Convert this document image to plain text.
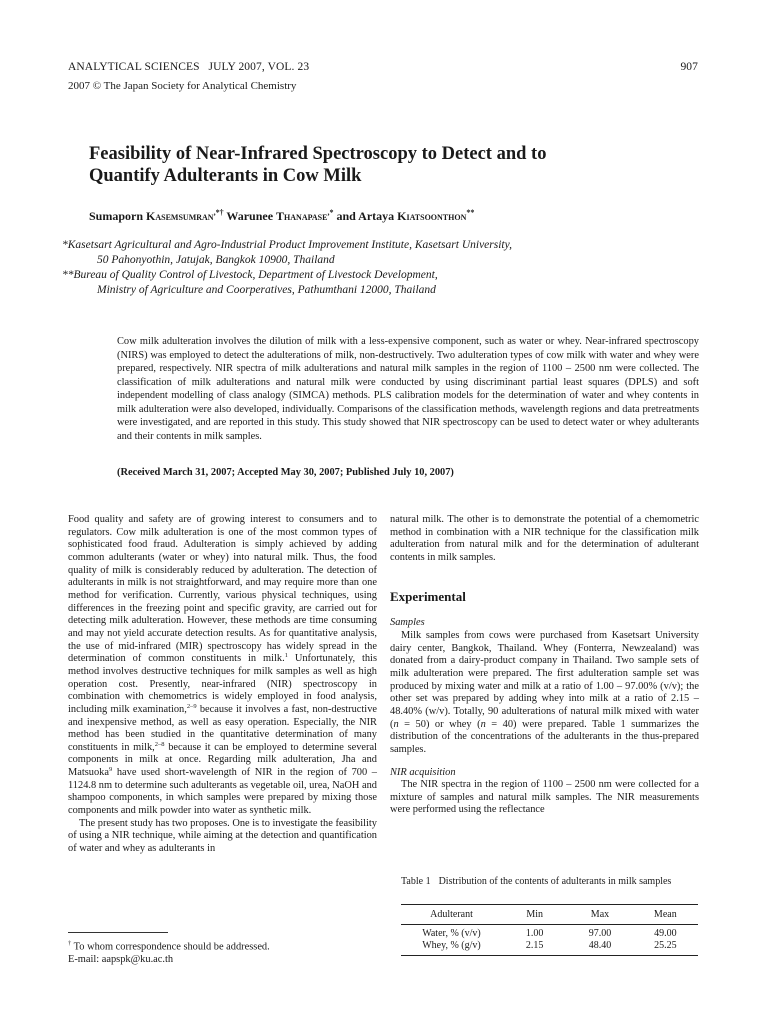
ANALYTICAL SCIENCES   JULY 2007, VOL. 23	907
2007 © The Japan Society for Analytical Chemistry
Feasibility of Near-Infrared Spectroscopy to Detect and to
Quantify Adulterants in Cow Milk
Sumaporn Kasemsumran,*† Warunee Thanapase,* and Artaya Kiatsoonthon**
*Kasetsart Agricultural and Agro-Industrial Product Improvement Institute, Kasetsart University,
50 Pahonyothin, Jatujak, Bangkok 10900, Thailand
**Bureau of Quality Control of Livestock, Department of Livestock Development,
Ministry of Agriculture and Coorperatives, Pathumthani 12000, Thailand
Cow milk adulteration involves the dilution of milk with a less-expensive component, such as water or whey. Near-infrared spectroscopy (NIRS) was employed to detect the adulterations of milk, non-destructively. Two adulteration types of cow milk with water and whey were prepared, respectively. NIR spectra of milk adulterations and natural milk samples in the region of 1100 – 2500 nm were collected. The classification of milk adulterations and natural milk were conducted by using discriminant partial least squares (DPLS) and soft independent modelling of class analogy (SIMCA) methods. PLS calibration models for the determination of water and whey contents in milk adulteration were also developed, individually. Comparisons of the classification methods, wavelength regions and data pretreatments were investigated, and are reported in this study. This study showed that NIR spectroscopy can be used to detect water or whey adulterants and their contents in milk samples.
(Received March 31, 2007; Accepted May 30, 2007; Published July 10, 2007)

Food quality and safety are of growing interest to consumers and to regulators. Cow milk adulteration is one of the most common types of sophisticated food fraud. Adulteration is simply achieved by adding common adulterants (water or whey) into natural milk. Thus, the food quality of milk is considerably reduced by adulteration. The detection of adulterants in milk is not straightforward, and may require more than one method for verification. Currently, various physical techniques, using differences in the freezing point and specific gravity, are carried out for detecting milk adulteration. However, these methods are time consuming and may not yield accurate detection results. As for quantitative analysis, the use of mid-infrared (MIR) spectroscopy has widely spread in the determination of common constituents in milk.$^1$ Unfortunately, this method involves destructive techniques for milk samples as well as high operation cost. Presently, near-infrared (NIR) spectroscopy in combination with chemometrics is widely employed in food analysis, including milk examination,$^{2-9}$ because it involves a fast, non-destructive and inexpensive method, as well as easy operation. Especially, the NIR method has been studied in the quantitative determination of many constituents in milk,$^{2-8}$ because it can be employed to determine several components in milk at once. Regarding milk adulteration, Jha and Matsuoka$^9$ have used short-wavelength of NIR in the region of 700 – 1124.8 nm to determine such adulterants as vegetable oil, urea, NaOH and shampoo components, in which samples were prepared by mixing those components and milk powder into water as synthetic milk.

The present study has two proposes. One is to investigate the feasibility of using a NIR technique, while aiming at the detection and quantification of water and whey as adulterants in

natural milk. The other is to demonstrate the potential of a chemometric method in combination with a NIR technique for the classification milk adulteration from natural milk and for the determination of adulterant contents in milk samples.

Experimental

Samples

Milk samples from cows were purchased from Kasetsart University dairy center, Bangkok, Thailand. Whey (Fonterra, Newzealand) was donated from a dairy-product company in Thailand. Two sample sets of milk adulteration were prepared. The first adulteration sample set was produced by mixing water and milk at a ratio of 1.00 – 97.00% (v/v); the other set was prepared by adding whey into milk at a ratio of 2.15 – 48.40% (w/v). Totally, 90 adulterations of natural milk mixed with water (n = 50) or whey (n = 40) were prepared. Table 1 summarizes the distribution of the concentrations of the adulterants in the thus-prepared samples.

NIR acquisition

The NIR spectra in the region of 1100 – 2500 nm were collected for a mixture of samples and natural milk samples. The NIR measurements were performed using the reflectance

Table 1 Distribution of the contents of adulterants in milk samples
Adulterant	Min	Max	Mean
Water, % (v/v)	1.00	97.00	49.00
Whey, % (g/v)	2.15	48.40	25.25
† To whom correspondence should be addressed.
E-mail: aapspk@ku.ac.th
